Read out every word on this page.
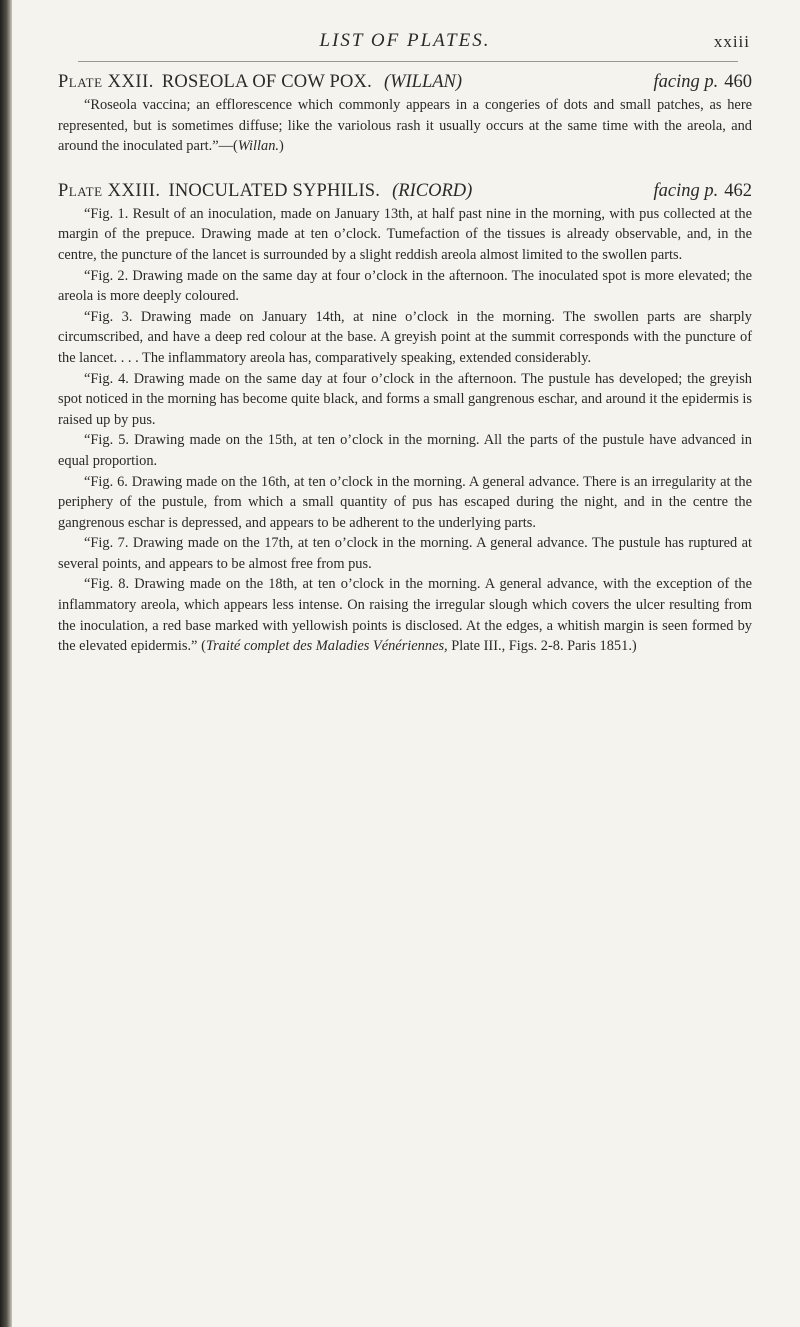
LIST OF PLATES.	xxiii
Plate XXII. ROSEOLA OF COW POX. (WILLAN)	facing p. 460

“Roseola vaccina; an efflorescence which commonly appears in a congeries of dots and small patches, as here represented, but is sometimes diffuse; like the variolous rash it usually occurs at the same time with the areola, and around the inoculated part.”—(Willan.)

Plate XXIII. INOCULATED SYPHILIS. (RICORD)	facing p. 462

“Fig. 1. Result of an inoculation, made on January 13th, at half past nine in the morning, with pus collected at the margin of the prepuce. Drawing made at ten o’clock. Tumefaction of the tissues is already observable, and, in the centre, the puncture of the lancet is surrounded by a slight reddish areola almost limited to the swollen parts.

“Fig. 2. Drawing made on the same day at four o’clock in the afternoon. The inoculated spot is more elevated; the areola is more deeply coloured.

“Fig. 3. Drawing made on January 14th, at nine o’clock in the morning. The swollen parts are sharply circumscribed, and have a deep red colour at the base. A greyish point at the summit corresponds with the puncture of the lancet. . . . The inflammatory areola has, comparatively speaking, extended considerably.

“Fig. 4. Drawing made on the same day at four o’clock in the afternoon. The pustule has developed; the greyish spot noticed in the morning has become quite black, and forms a small gangrenous eschar, and around it the epidermis is raised up by pus.

“Fig. 5. Drawing made on the 15th, at ten o’clock in the morning. All the parts of the pustule have advanced in equal proportion.

“Fig. 6. Drawing made on the 16th, at ten o’clock in the morning. A general advance. There is an irregularity at the periphery of the pustule, from which a small quantity of pus has escaped during the night, and in the centre the gangrenous eschar is depressed, and appears to be adherent to the underlying parts.

“Fig. 7. Drawing made on the 17th, at ten o’clock in the morning. A general advance. The pustule has ruptured at several points, and appears to be almost free from pus.

“Fig. 8. Drawing made on the 18th, at ten o’clock in the morning. A general advance, with the exception of the inflammatory areola, which appears less intense. On raising the irregular slough which covers the ulcer resulting from the inoculation, a red base marked with yellowish points is disclosed. At the edges, a whitish margin is seen formed by the elevated epidermis.” (Traité complet des Maladies Vénériennes, Plate III., Figs. 2-8. Paris 1851.)
